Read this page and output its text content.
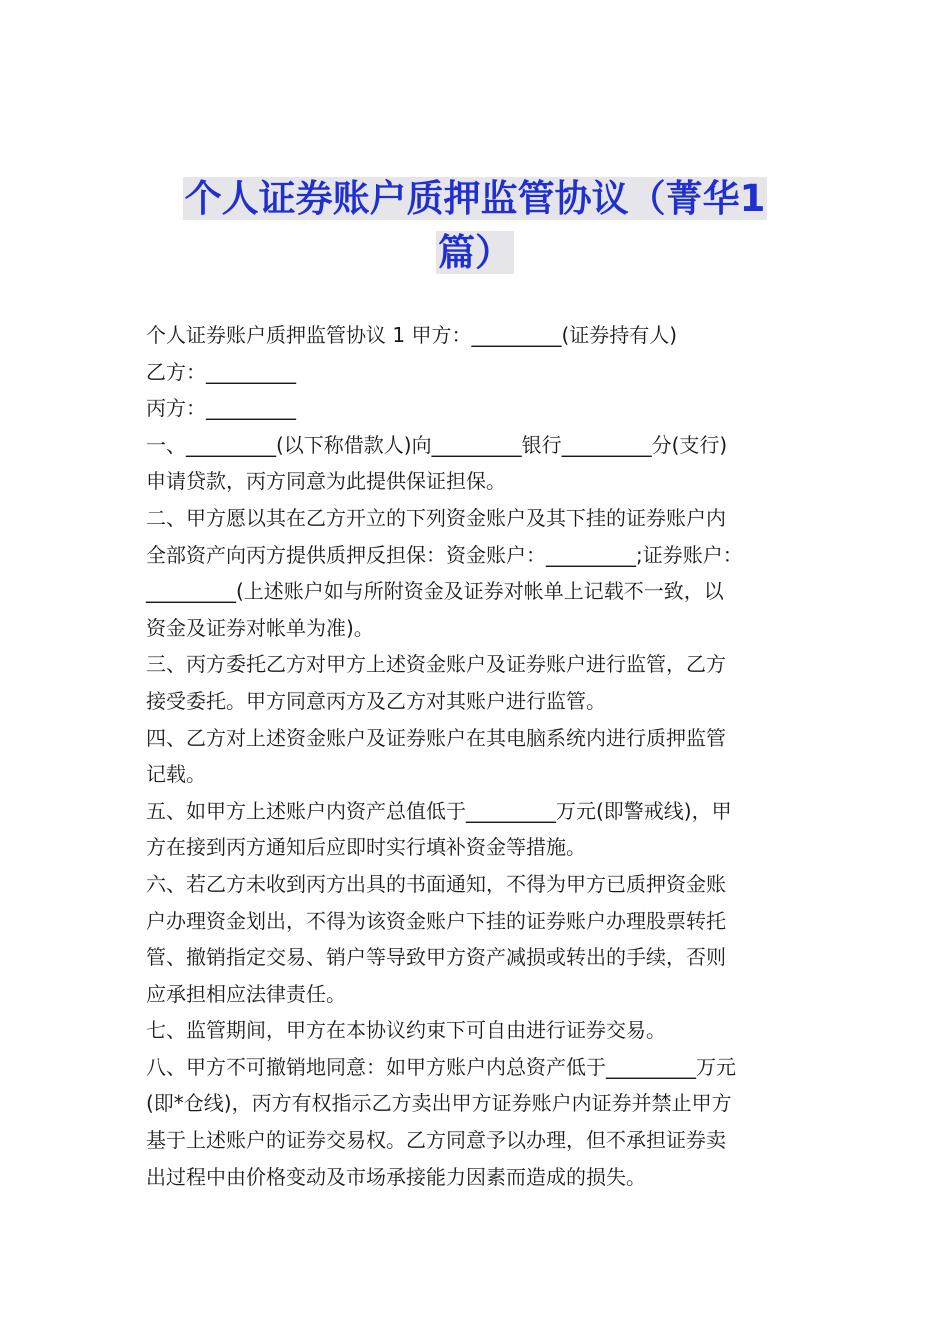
个人证券账户质押监管协议（菁华1
篇）
个人证券账户质押监管协议 1 甲方：_________(证券持有人)
乙方：_________
丙方：_________
一、_________(以下称借款人)向_________银行_________分(支行)
申请贷款，丙方同意为此提供保证担保。
二、甲方愿以其在乙方开立的下列资金账户及其下挂的证券账户内
全部资产向丙方提供质押反担保：资金账户：_________;证券账户：
_________(上述账户如与所附资金及证券对帐单上记载不一致，以
资金及证券对帐单为准)。
三、丙方委托乙方对甲方上述资金账户及证券账户进行监管，乙方
接受委托。甲方同意丙方及乙方对其账户进行监管。
四、乙方对上述资金账户及证券账户在其电脑系统内进行质押监管
记载。
五、如甲方上述账户内资产总值低于_________万元(即警戒线)，甲
方在接到丙方通知后应即时实行填补资金等措施。
六、若乙方未收到丙方出具的书面通知，不得为甲方已质押资金账
户办理资金划出，不得为该资金账户下挂的证券账户办理股票转托
管、撤销指定交易、销户等导致甲方资产减损或转出的手续，否则
应承担相应法律责任。
七、监管期间，甲方在本协议约束下可自由进行证券交易。
八、甲方不可撤销地同意：如甲方账户内总资产低于_________万元
(即*仓线)，丙方有权指示乙方卖出甲方证券账户内证券并禁止甲方
基于上述账户的证券交易权。乙方同意予以办理，但不承担证券卖
出过程中由价格变动及市场承接能力因素而造成的损失。
